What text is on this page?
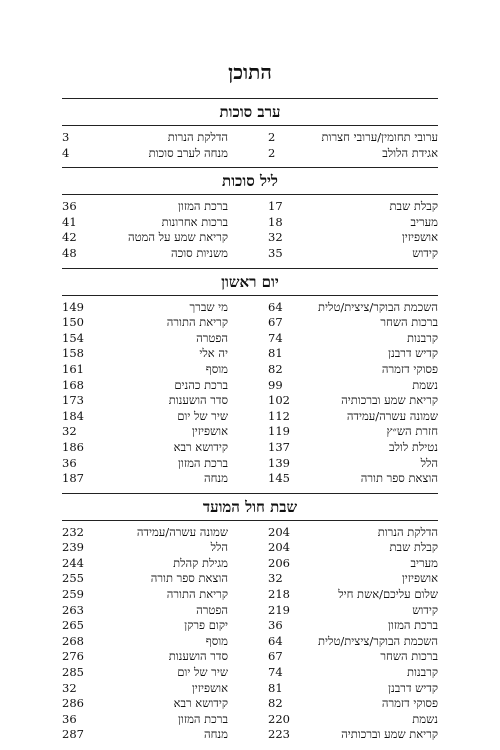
התוכן
ערב סוכות
ערובי תחומין/ערובי חצרות
2
אגידת הלולב
2
הדלקת הנרות
3
מנחה לערב סוכות
4
ליל סוכות
קבלת שבת
17
מעריב
18
אושפיזין
32
קידוש
35
ברכת המזון
36
ברכות אחרונות
41
קריאת שמע על המטה
42
משניות סוכה
48
יום ראשון
השכמת הבוקר/ציצית/טלית
64
ברכות השחר
67
קרבנות
74
קדיש דרבנן
81
פסוקי דזמרה
82
נשמת
99
קריאת שמע וברכותיה
102
שמונה עשרה/עמידה
112
חזרת הש״ץ
119
נטילת לולב
137
הלל
139
הוצאת ספר תורה
145
מי שברך
149
קריאת התורה
150
הפטרה
154
יה אלי
158
מוסף
161
ברכת כהנים
168
סדר הושענות
173
שיר של יום
184
אושפיזין
32
קידושא רבא
186
ברכת המזון
36
מנחה
187
שבת חול המועד
הדלקת הנרות
204
קבלת שבת
204
מעריב
206
אושפיזין
32
שלום עליכם/אשת חיל
218
קידוש
219
ברכת המזון
36
השכמת הבוקר/ציצית/טלית
64
ברכות השחר
67
קרבנות
74
קדיש דרבנן
81
פסוקי דזמרה
82
נשמת
220
קריאת שמע וברכותיה
223
שמונה עשרה/עמידה
232
הלל
239
מגילת קהלת
244
הוצאת ספר תורה
255
קריאת התורה
259
הפטרה
263
יקום פרקן
265
מוסף
268
סדר הושענות
276
שיר של יום
285
אושפיזין
32
קידושא רבא
286
ברכת המזון
36
מנחה
287
